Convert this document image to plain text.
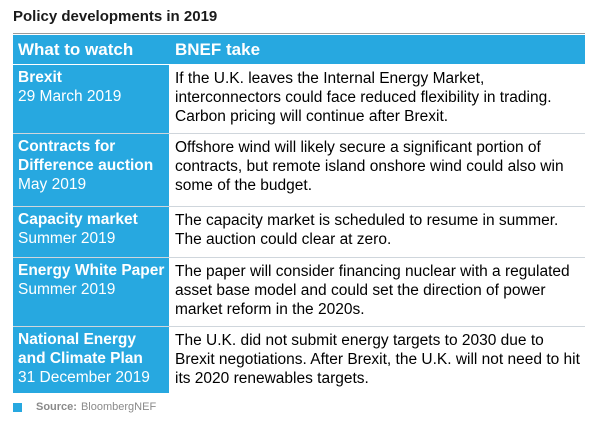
Policy developments in 2019
What to watch	BNEF take
Brexit
29 March 2019
If the U.K. leaves the Internal Energy Market, interconnectors could face reduced flexibility in trading. Carbon pricing will continue after Brexit.
Contracts for Difference auction
May 2019
Offshore wind will likely secure a significant portion of contracts, but remote island onshore wind could also win some of the budget.
Capacity market
Summer 2019
The capacity market is scheduled to resume in summer. The auction could clear at zero.
Energy White Paper
Summer 2019
The paper will consider financing nuclear with a regulated asset base model and could set the direction of power market reform in the 2020s.
National Energy and Climate Plan
31 December 2019
The U.K. did not submit energy targets to 2030 due to Brexit negotiations. After Brexit, the U.K. will not need to hit its 2020 renewables targets.
Source: BloombergNEF
